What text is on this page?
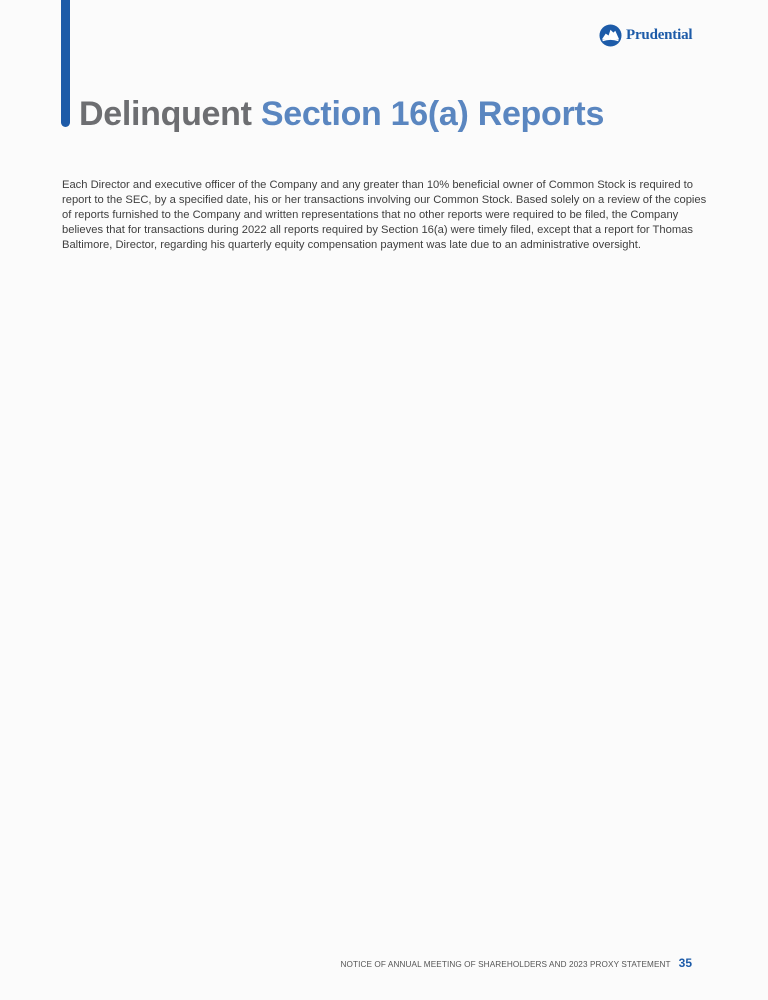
Prudential
Delinquent Section 16(a) Reports

Each Director and executive officer of the Company and any greater than 10% beneficial owner of Common Stock is required to report to the SEC, by a specified date, his or her transactions involving our Common Stock. Based solely on a review of the copies of reports furnished to the Company and written representations that no other reports were required to be filed, the Company believes that for transactions during 2022 all reports required by Section 16(a) were timely filed, except that a report for Thomas Baltimore, Director, regarding his quarterly equity compensation payment was late due to an administrative oversight.

NOTICE OF ANNUAL MEETING OF SHAREHOLDERS AND 2023 PROXY STATEMENT 35
